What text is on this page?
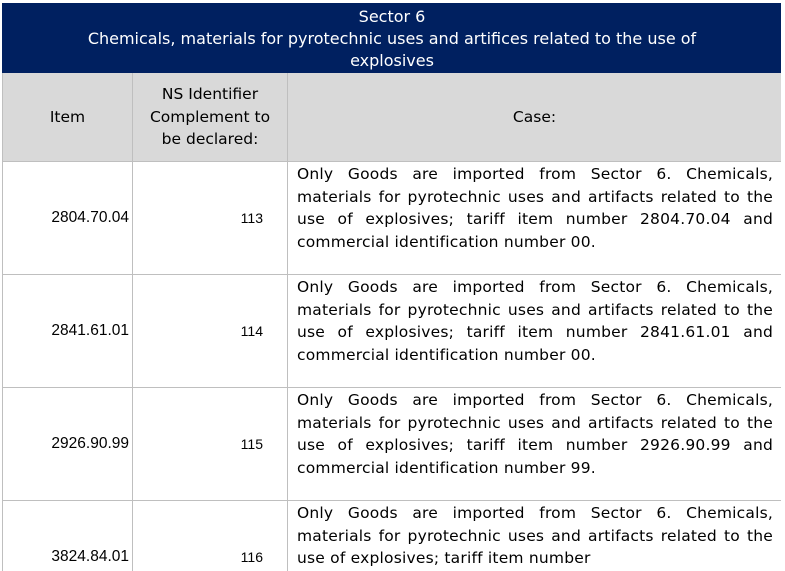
Sector 6
Chemicals, materials for pyrotechnic uses and artifices related to the use of explosives		

Item	NS Identifier Complement to be declared:	Case:
2804.70.04	113	Only Goods are imported from Sector 6. Chemicals, materials for pyrotechnic uses and artifacts related to the use of explosives; tariff item number 2804.70.04 and commercial identification number 00.
2841.61.01	114	Only Goods are imported from Sector 6. Chemicals, materials for pyrotechnic uses and artifacts related to the use of explosives; tariff item number 2841.61.01 and commercial identification number 00.
2926.90.99	115	Only Goods are imported from Sector 6. Chemicals, materials for pyrotechnic uses and artifacts related to the use of explosives; tariff item number 2926.90.99 and commercial identification number 99.
3824.84.01	116	Only Goods are imported from Sector 6. Chemicals, materials for pyrotechnic uses and artifacts related to the use of explosives; tariff item number
